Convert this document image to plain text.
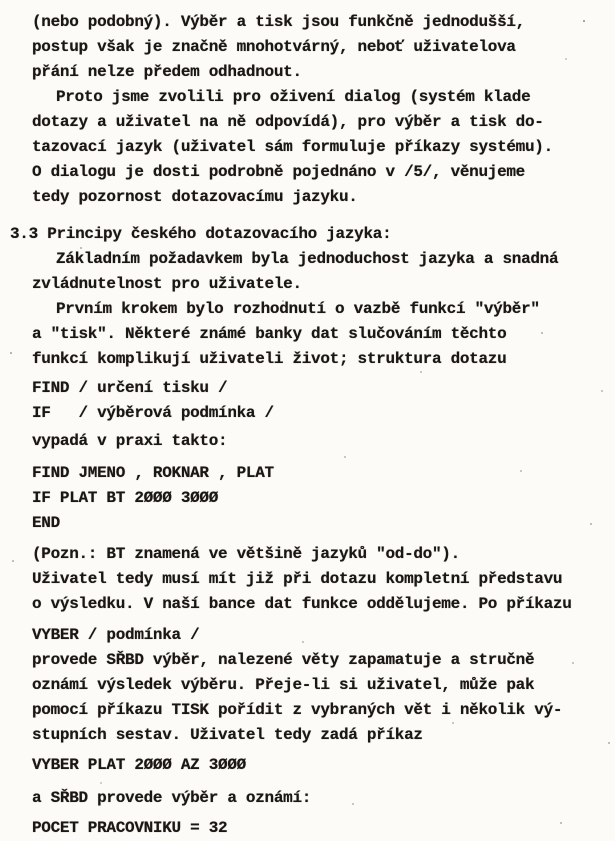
(nebo podobný). Výběr a tisk jsou funkčně jednodušší,
postup však je značně mnohotvárný, neboť uživatelova
přání nelze předem odhadnout.
Proto jsme zvolili pro oživení dialog (systém klade
dotazy a uživatel na ně odpovídá), pro výběr a tisk do-
tazovací jazyk (uživatel sám formuluje příkazy systému).
O dialogu je dosti podrobně pojednáno v /5/, věnujeme
tedy pozornost dotazovacímu jazyku.
3.3 Principy českého dotazovacího jazyka:
Základním požadavkem byla jednoduchost jazyka a snadná
zvládnutelnost pro uživatele.
Prvním krokem bylo rozhodnutí o vazbě funkcí "výběr"
a "tisk". Některé známé banky dat slučováním těchto
funkcí komplikují uživateli život; struktura dotazu
FIND / určení tisku /
IF   / výběrová podmínka /
vypadá v praxi takto:
FIND JMENO , ROKNAR , PLAT
IF PLAT BT 2ØØØ 3ØØØ
END
(Pozn.: BT znamená ve většině jazyků "od-do").
Uživatel tedy musí mít již při dotazu kompletní představu
o výsledku. V naší bance dat funkce oddělujeme. Po příkazu
VYBER / podmínka /
provede SŘBD výběr, nalezené věty zapamatuje a stručně
oznámí výsledek výběru. Přeje-li si uživatel, může pak
pomocí příkazu TISK pořídit z vybraných vět i několik vý-
stupních sestav. Uživatel tedy zadá příkaz
VYBER PLAT 2ØØØ AZ 3ØØØ
a SŘBD provede výběr a oznámí:
POCET PRACOVNIKU = 32
